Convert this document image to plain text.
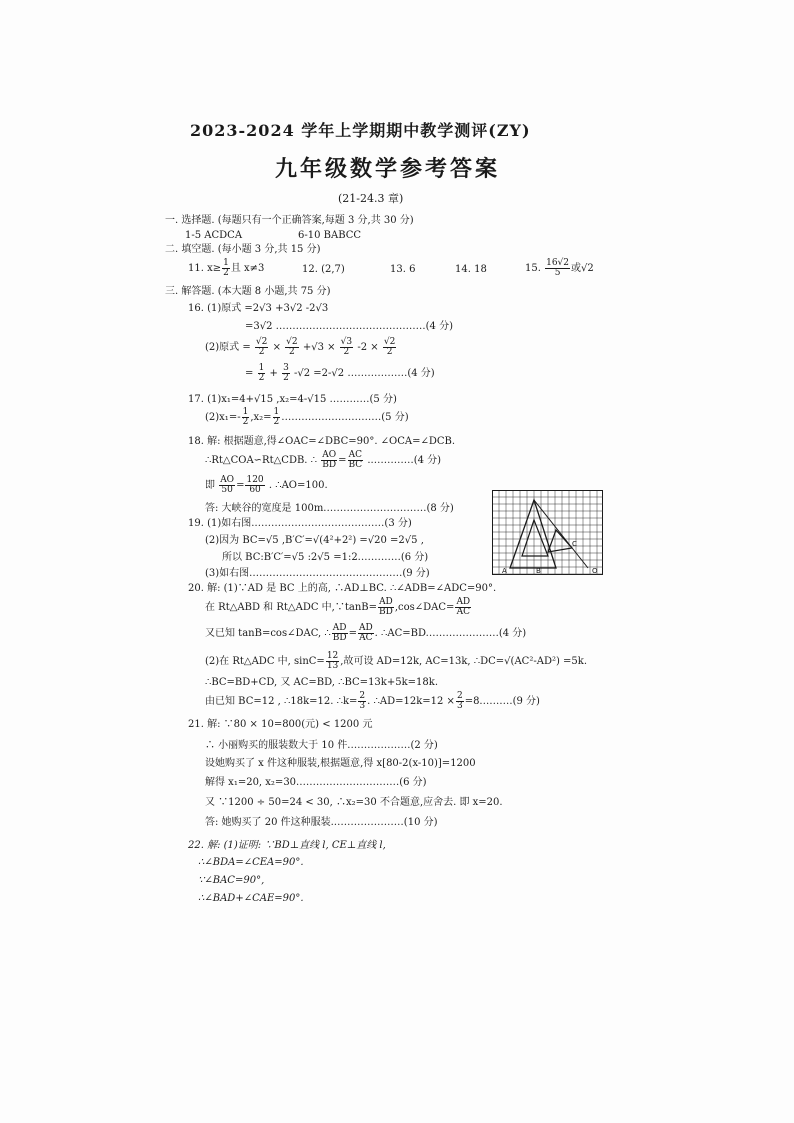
2023-2024 学年上学期期中教学测评(ZY)
九年级数学参考答案
(21-24.3 章)
一. 选择题. (每题只有一个正确答案,每题 3 分,共 30 分)
1-5 ACDCA	6-10 BABCC
二. 填空题. (每小题 3 分,共 15 分)
11. $x\ge \frac{1}{2}$ 且 x≠3	12. (2,7)	13. 6	14. 18	15. $\frac{16√2}{5}$ 或√2
三. 解答题. (本大题 8 小题,共 75 分)
16. (1)原式 =2√3 +3√2 -2√3
=3√2 ………………………………………(4 分)
(2)原式 = $\frac{√2}{2} \times \frac{√2}{2} +√3 \times \frac{√3}{2} -2 \times \frac{√2}{2}$
= $\frac{1}{2} + \frac{3}{2} -√2 =2-√2$ ………………(4 分)
17. (1)x₁=4+√15 ,x₂=4-√15 …………(5 分)
$(2)x_1=- \frac{1}{2} ,x_2= \frac{1}{2}$ …………………………(5 分)
18. 解: 根据题意,得∠OAC=∠DBC=90°. ∠OCA=∠DCB.
∴Rt△COA∽Rt△CDB. ∴ $\frac{AO}{BD} = \frac{AC}{BC}$ ..…………(4 分)
即 $\frac{AO}{50} = \frac{120}{60}$ . ∴AO=100.
答: 大峡谷的宽度是 100m.…………………………(8 分)
19. (1)如右图.…………………………………(3 分)
(2)因为 BC=√5 ,B′C′=√(4²+2²) =√20 =2√5 ,
所以 BC:B′C′=√5 :2√5 =1:2.…………(6 分)
(3)如右图.………………………………………(9 分)	A	B
C
O
20. 解: (1)∵AD 是 BC 上的高, ∴AD⊥BC. ∴∠ADB=∠ADC=90°.
在 Rt△ABD 和 Rt△ADC 中,∵tanB= $\frac{AD}{BD}$ ,cos∠DAC= $\frac{AD}{AC}$
又已知 tanB=cos∠DAC, ∴ $\frac{AD}{BD} = \frac{AD}{AC}$ . ∴AC=BD.…………………(4 分)
(2)在 Rt△ADC 中, $\sin C= \frac{12}{13}$ ,故可设 AD=12k, AC=13k, ∴DC=√(AC²-AD²) =5k.
∴BC=BD+CD, 又 AC=BD, ∴BC=13k+5k=18k.
由已知 BC=12 , ∴18k=12. ∴k= $\frac{2}{3}$ . ∴AD=12k=12 × $\frac{2}{3}$ =8.………(9 分)
21. 解: ∵80 × 10=800(元) < 1200 元
∴ 小丽购买的服装数大于 10 件.………………(2 分)
设她购买了 x 件这种服装,根据题意,得 x[80-2(x-10)]=1200
解得 x₁=20, x₂=30.…………………………(6 分)
又 ∵1200 ÷ 50=24 < 30, ∴x₂=30 不合题意,应舍去. 即 x=20.
答: 她购买了 20 件这种服装.…………………(10 分)
22. 解: (1)证明: ∵BD⊥直线 l, CE⊥直线 l,
∴∠BDA=∠CEA=90°.
∵∠BAC=90°,
∴∠BAD+∠CAE=90°.
